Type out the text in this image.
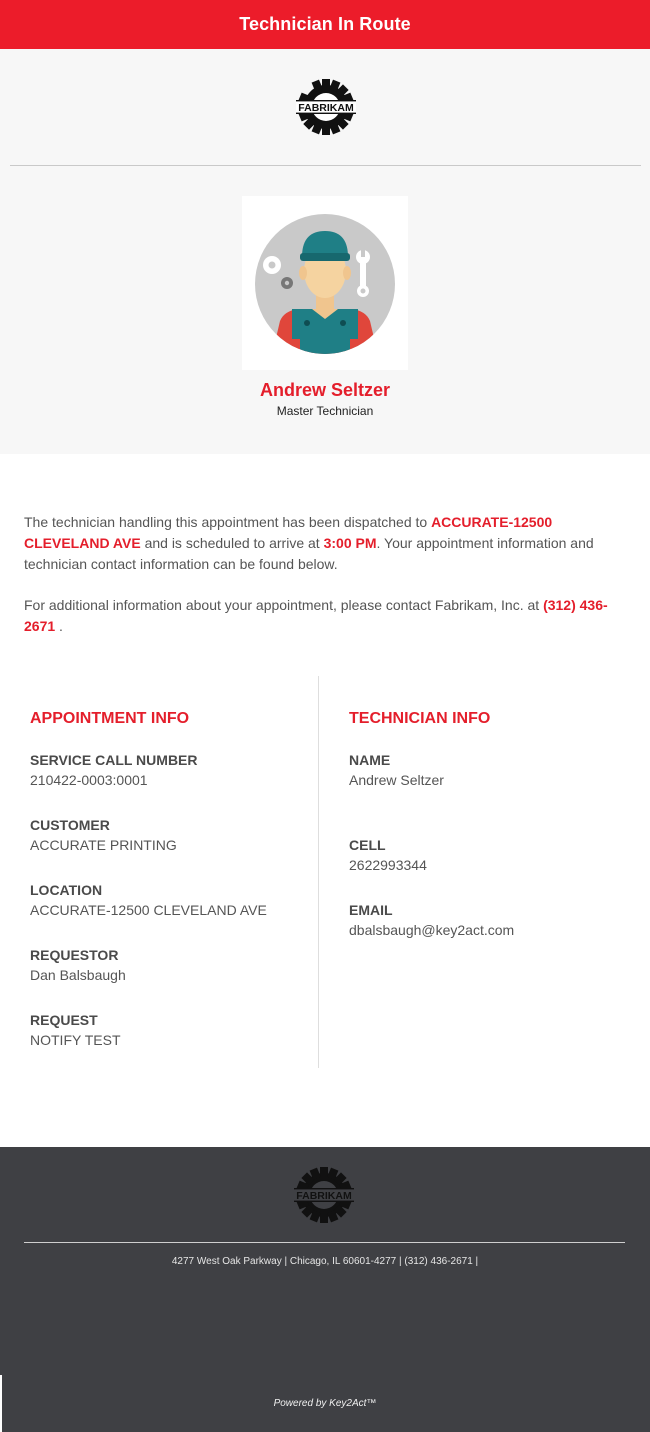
Technician In Route
FABRIKAM
Andrew Seltzer
Master Technician

The technician handling this appointment has been dispatched to ACCURATE-12500 CLEVELAND AVE and is scheduled to arrive at 3:00 PM. Your appointment information and technician contact information can be found below.

For additional information about your appointment, please contact Fabrikam, Inc. at (312) 436-2671 .

APPOINTMENT INFO
SERVICE CALL NUMBER
210422-0003:0001
CUSTOMER
ACCURATE PRINTING
LOCATION
ACCURATE-12500 CLEVELAND AVE
REQUESTOR
Dan Balsbaugh
REQUEST
NOTIFY TEST
TECHNICIAN INFO
NAME
Andrew Seltzer
CELL
2622993344
EMAIL
dbalsbaugh@key2act.com
FABRIKAM
4277 West Oak Parkway | Chicago, IL 60601-4277 | (312) 436-2671 |
Powered by Key2Act™
